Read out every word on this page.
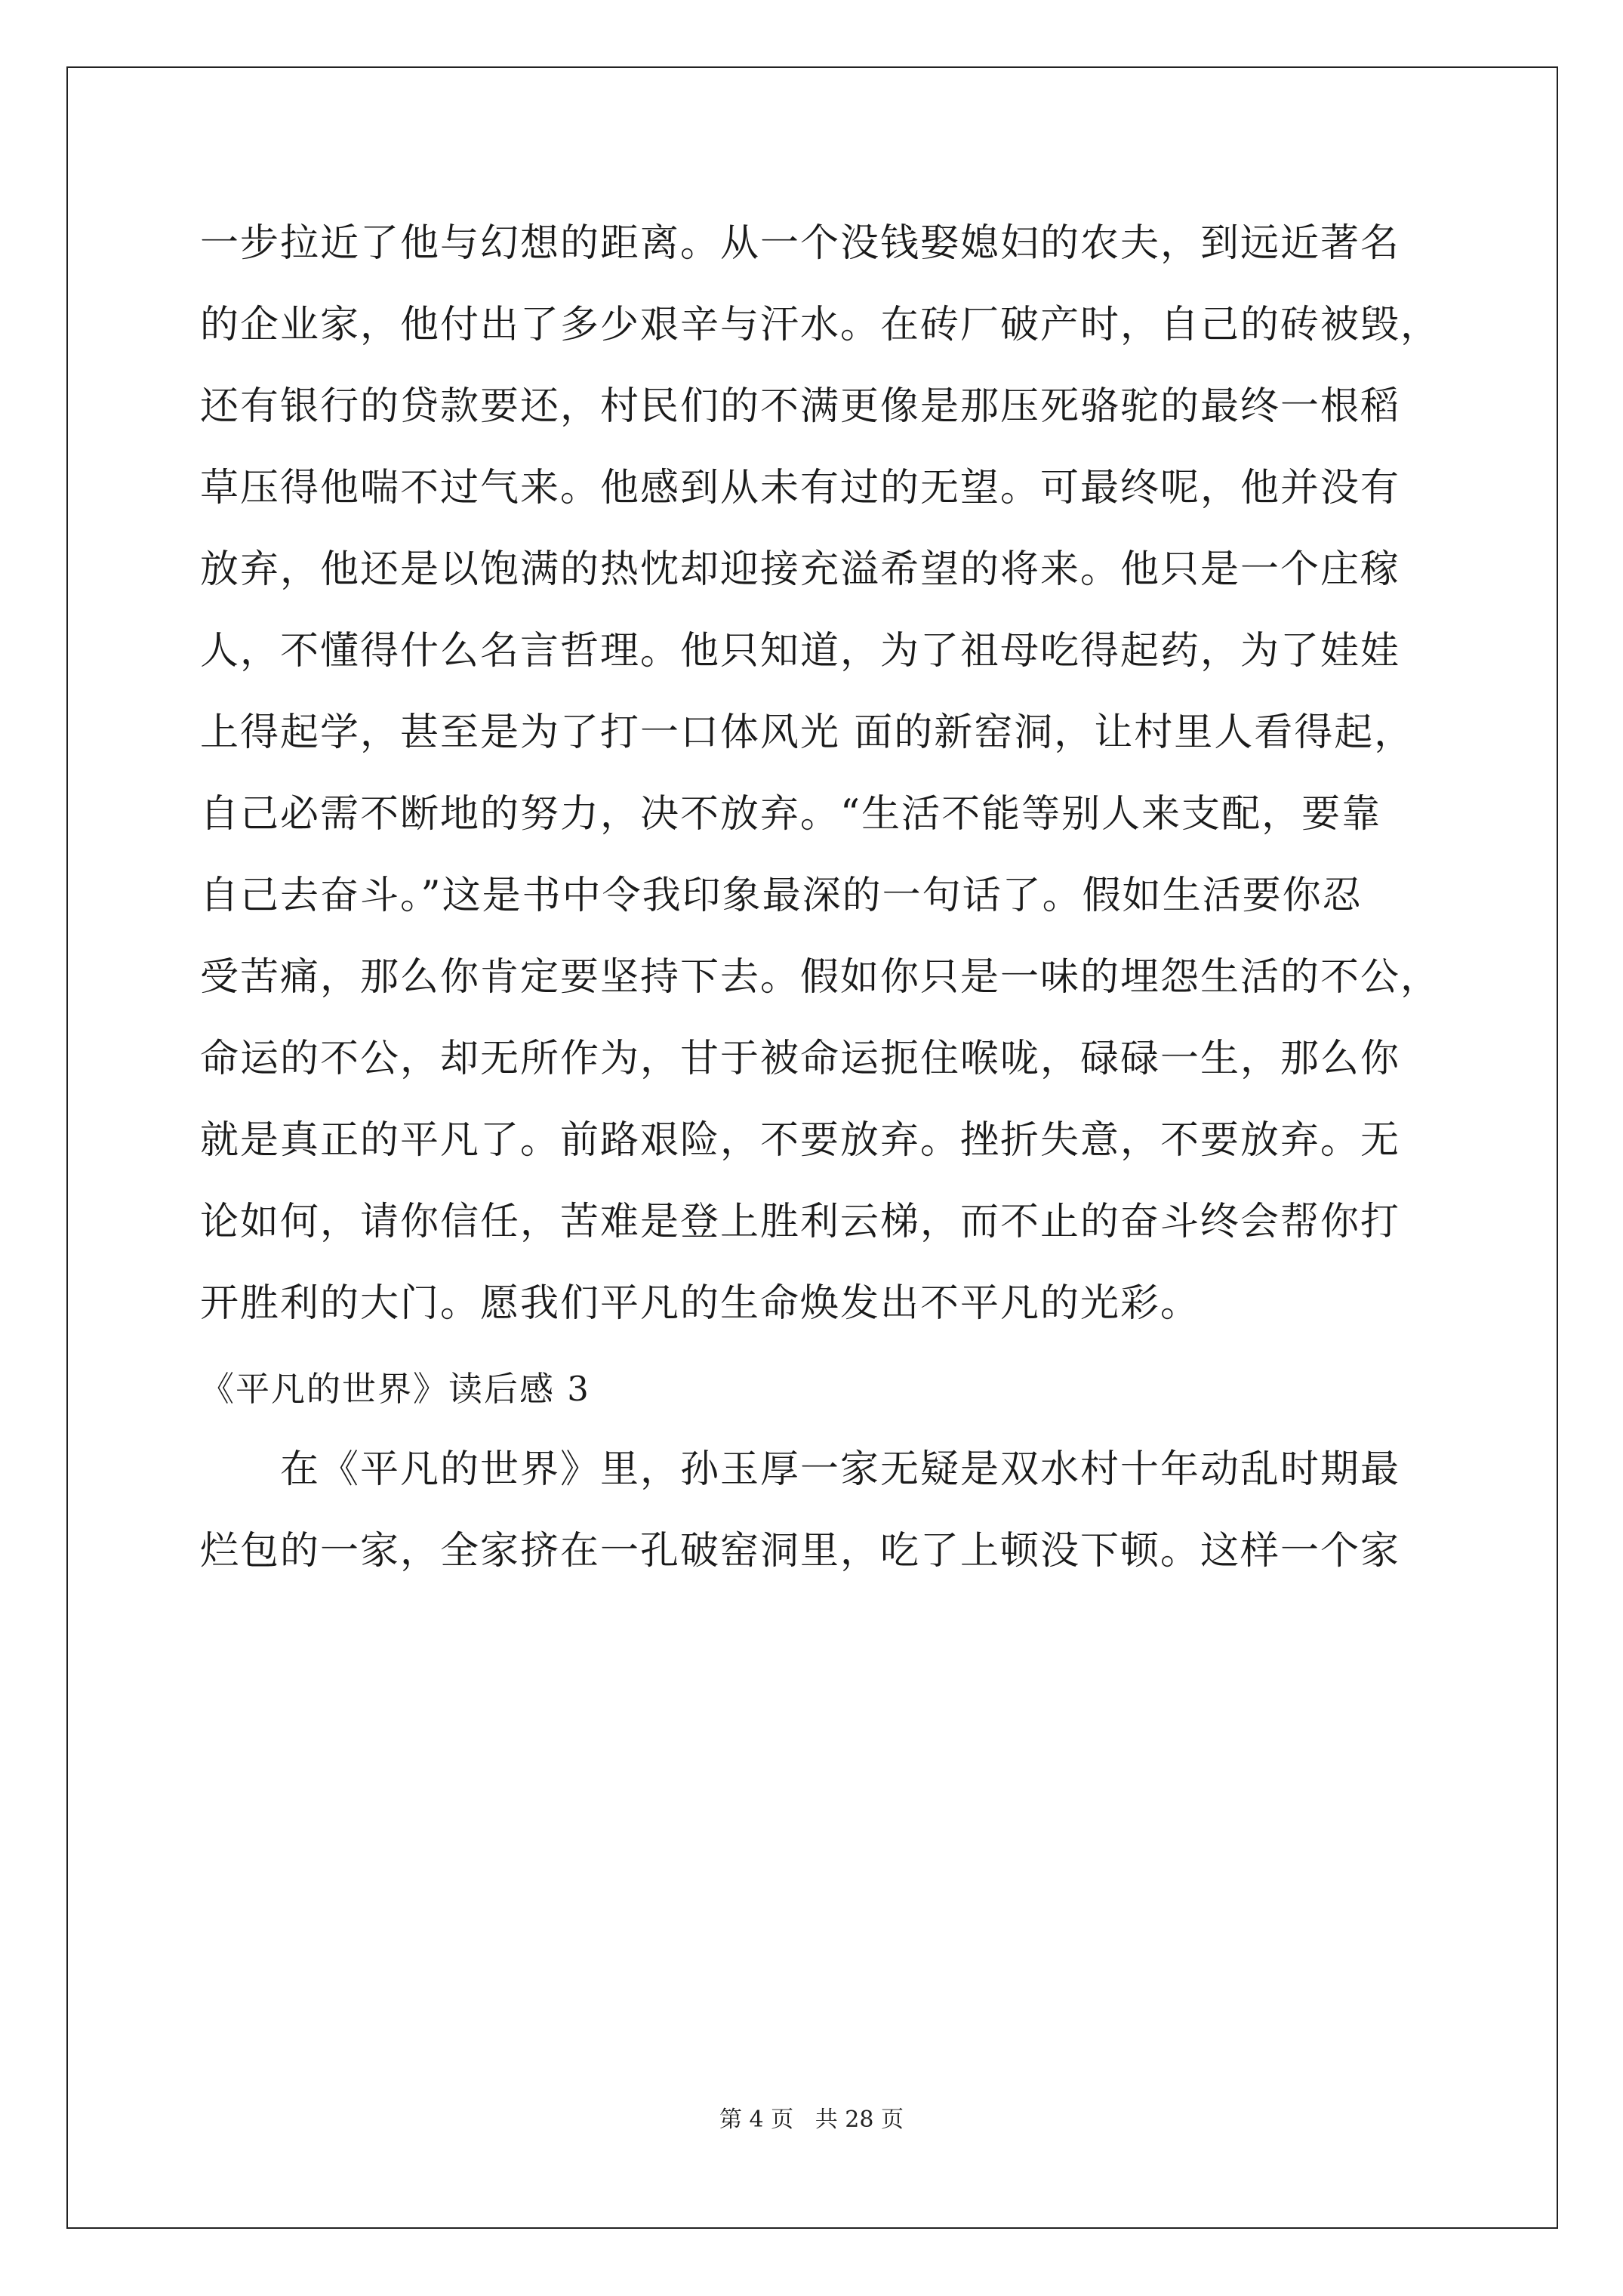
一步拉近了他与幻想的距离。从一个没钱娶媳妇的农夫，到远近著名

的企业家，他付出了多少艰辛与汗水。在砖厂破产时，自己的砖被毁，

还有银行的贷款要还，村民们的不满更像是那压死骆驼的最终一根稻

草压得他喘不过气来。他感到从未有过的无望。可最终呢，他并没有

放弃，他还是以饱满的热忱却迎接充溢希望的将来。他只是一个庄稼

人，不懂得什么名言哲理。他只知道，为了祖母吃得起药，为了娃娃

上得起学，甚至是为了打一口体风光 面的新窑洞，让村里人看得起，

自己必需不断地的努力，决不放弃。“生活不能等别人来支配，要靠

自己去奋斗。”这是书中令我印象最深的一句话了。假如生活要你忍

受苦痛，那么你肯定要坚持下去。假如你只是一味的埋怨生活的不公，

命运的不公，却无所作为，甘于被命运扼住喉咙，碌碌一生，那么你

就是真正的平凡了。前路艰险，不要放弃。挫折失意，不要放弃。无

论如何，请你信任，苦难是登上胜利云梯，而不止的奋斗终会帮你打

开胜利的大门。愿我们平凡的生命焕发出不平凡的光彩。

《平凡的世界》读后感 3

　　在《平凡的世界》里，孙玉厚一家无疑是双水村十年动乱时期最

烂包的一家，全家挤在一孔破窑洞里，吃了上顿没下顿。这样一个家

第 4 页   共 28 页
